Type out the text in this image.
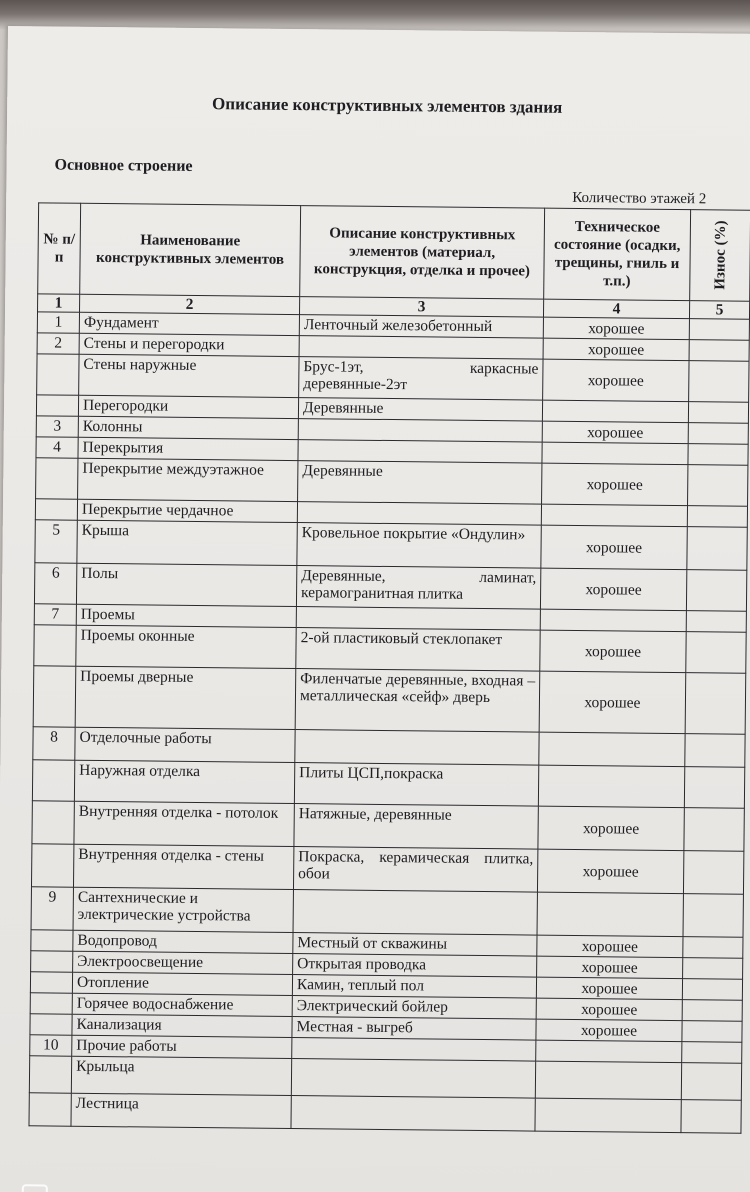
Описание конструктивных элементов здания
Основное строение
Количество этажей 2
№ п/п	Наименование конструктивных элементов	Описание конструктивных элементов (материал, конструкция, отделка и прочее)	Техническое состояние (осадки, трещины, гниль и т.п.)	Износ (%)

1	2	3	4	5
1	Фундамент	Ленточный железобетонный	хорошее	
2	Стены и перегородки		хорошее	
	Стены наружные	Брус-1эт, каркасные деревянные-2эт	хорошее	
	Перегородки	Деревянные		
3	Колонны		хорошее	
4	Перекрытия			
	Перекрытие междуэтажное	Деревянные	хорошее	
	Перекрытие чердачное			
5	Крыша	Кровельное покрытие «Ондулин»	хорошее	
6	Полы	Деревянные, ламинат, керамогранитная плитка	хорошее	
7	Проемы			
	Проемы оконные	2-ой пластиковый стеклопакет	хорошее	
	Проемы дверные	Филенчатые деревянные, входная – металлическая «сейф» дверь	хорошее	
8	Отделочные работы			
	Наружная отделка	Плиты ЦСП,покраска		
	Внутренняя отделка - потолок	Натяжные, деревянные	хорошее	
	Внутренняя отделка - стены	Покраска, керамическая плитка, обои	хорошее	
9	Сантехнические и электрические устройства			
	Водопровод	Местный от скважины	хорошее	
	Электроосвещение	Открытая проводка	хорошее	
	Отопление	Камин, теплый пол	хорошее	
	Горячее водоснабжение	Электрический бойлер	хорошее	
	Канализация	Местная - выгреб	хорошее	
10	Прочие работы			
	Крыльца			
	Лестница			
